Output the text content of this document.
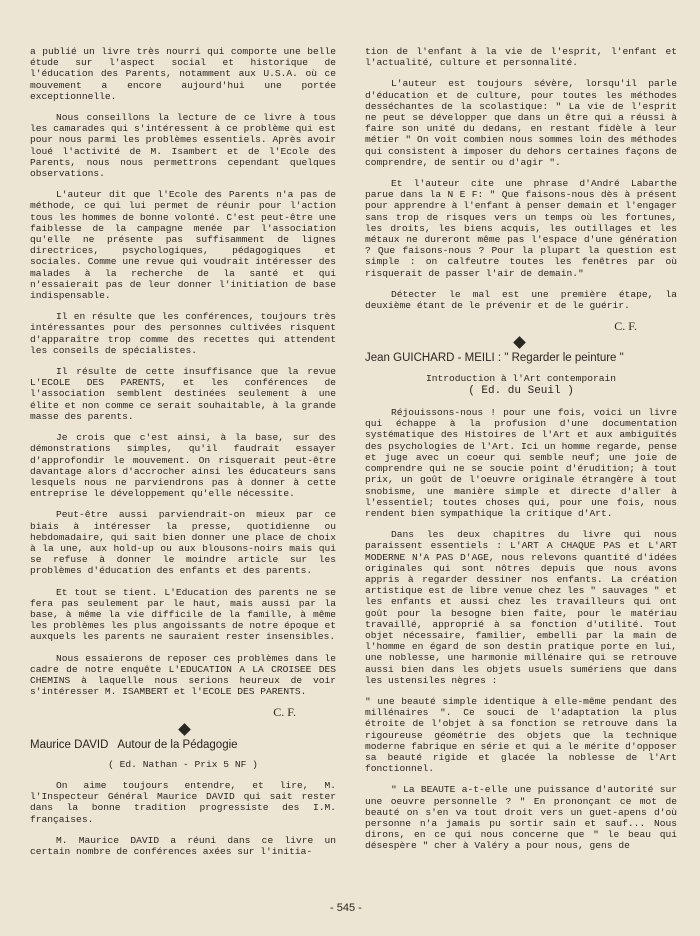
a publié un livre très nourri qui comporte une belle étude sur l'aspect social et historique de l'éducation des Parents, notamment aux U.S.A. où ce mouvement a encore aujourd'hui une portée exceptionnelle.

Nous conseillons la lecture de ce livre à tous les camarades qui s'intéressent à ce problème qui est pour nous parmi les problèmes essentiels. Après avoir loué l'activité de M. Isambert et de l'Ecole des Parents, nous nous permettrons cependant quelques observations.

L'auteur dit que l'Ecole des Parents n'a pas de méthode, ce qui lui permet de réunir pour l'action tous les hommes de bonne volonté. C'est peut-être une faiblesse de la campagne menée par l'association qu'elle ne présente pas suffisamment de lignes directrices, psychologiques, pédagogiques et sociales. Comme une revue qui voudrait intéresser des malades à la recherche de la santé et qui n'essaierait pas de leur donner l'initiation de base indispensable.

Il en résulte que les conférences, toujours très intéressantes pour des personnes cultivées risquent d'apparaître trop comme des recettes qui attendent les conseils de spécialistes.

Il résulte de cette insuffisance que la revue L'ECOLE DES PARENTS, et les conférences de l'association semblent destinées seulement à une élite et non comme ce serait souhaitable, à la grande masse des parents.

Je crois que c'est ainsi, à la base, sur des démonstrations simples, qu'il faudrait essayer d'approfondir le mouvement. On risquerait peut-être davantage alors d'accrocher ainsi les éducateurs sans lesquels nous ne parviendrons pas à donner à cette entreprise le développement qu'elle nécessite.

Peut-être aussi parviendrait-on mieux par ce biais à intéresser la presse, quotidienne ou hebdomadaire, qui sait bien donner une place de choix à la une, aux hold-up ou aux blousons-noirs mais qui se refuse à donner le moindre article sur les problèmes d'éducation des enfants et des parents.

Et tout se tient. L'Education des parents ne se fera pas seulement par le haut, mais aussi par la base, à même la vie difficile de la famille, à même les problèmes les plus angoissants de notre époque et auxquels les parents ne sauraient rester insensibles.

Nous essaierons de reposer ces problèmes dans le cadre de notre enquête L'EDUCATION A LA CROISEE DES CHEMINS à laquelle nous serions heureux de voir s'intéresser M. ISAMBERT et l'ECOLE DES PARENTS.

C. F.
Maurice DAVID Autour de la Pédagogie
( Ed. Nathan - Prix 5 NF )

On aime toujours entendre, et lire, M. l'Inspecteur Général Maurice DAVID qui sait rester dans la bonne tradition progressiste des I.M. françaises.

M. Maurice DAVID a réuni dans ce livre un certain nombre de conférences axées sur l'initia-

tion de l'enfant à la vie de l'esprit, l'enfant et l'actualité, culture et personnalité.

L'auteur est toujours sévère, lorsqu'il parle d'éducation et de culture, pour toutes les méthodes desséchantes de la scolastique: " La vie de l'esprit ne peut se développer que dans un être qui a réussi à faire son unité du dedans, en restant fidèle à leur métier " On voit combien nous sommes loin des méthodes qui consistent à imposer du dehors certaines façons de comprendre, de sentir ou d'agir ".

Et l'auteur cite une phrase d'André Labarthe parue dans la N E F: " Que faisons-nous dès à présent pour apprendre à l'enfant à penser demain et l'engager sans trop de risques vers un temps où les fortunes, les droits, les biens acquis, les outillages et les métaux ne dureront même pas l'espace d'une génération ? Que faisons-nous ? Pour la plupart la question est simple : on calfeutre toutes les fenêtres par où risquerait de passer l'air de demain."

Détecter le mal est une première étape, la deuxième étant de le prévenir et de le guérir.

C. F.
Jean GUICHARD - MEILI : " Regarder le peinture "
Introduction à l'Art contemporain
( Ed. du Seuil )

Réjouissons-nous ! pour une fois, voici un livre qui échappe à la profusion d'une documentation systématique des Histoires de l'Art et aux ambiguïtés des psychologies de l'Art. Ici un homme regarde, pense et juge avec un coeur qui semble neuf; une joie de comprendre qui ne se soucie point d'érudition; à tout prix, un goût de l'oeuvre originale étrangère à tout snobisme, une manière simple et directe d'aller à l'essentiel; toutes choses qui, pour une fois, nous rendent bien sympathique la critique d'Art.

Dans les deux chapitres du livre qui nous paraissent essentiels : L'ART A CHAQUE PAS et L'ART MODERNE N'A PAS D'AGE, nous relevons quantité d'idées originales qui sont nôtres depuis que nous avons appris à regarder dessiner nos enfants. La création artistique est de libre venue chez les " sauvages " et les enfants et aussi chez les travailleurs qui ont goût pour la besogne bien faite, pour le matériau travaillé, approprié à sa fonction d'utilité. Tout objet nécessaire, familier, embelli par la main de l'homme en égard de son destin pratique porte en lui, une noblesse, une harmonie millénaire qui se retrouve aussi bien dans les objets usuels sumériens que dans les ustensiles nègres :

" une beauté simple identique à elle-même pendant des millénaires ". Ce souci de l'adaptation la plus étroite de l'objet à sa fonction se retrouve dans la rigoureuse géométrie des objets que la technique moderne fabrique en série et qui a le mérite d'opposer sa beauté rigide et glacée la noblesse de l'Art fonctionnel.

" La BEAUTE a-t-elle une puissance d'autorité sur une oeuvre personnelle ? " En prononçant ce mot de beauté on s'en va tout droit vers un guet-apens d'où personne n'a jamais pu sortir sain et sauf... Nous dirons, en ce qui nous concerne que " le beau qui désespère " cher à Valéry a pour nous, gens de

- 545 -
